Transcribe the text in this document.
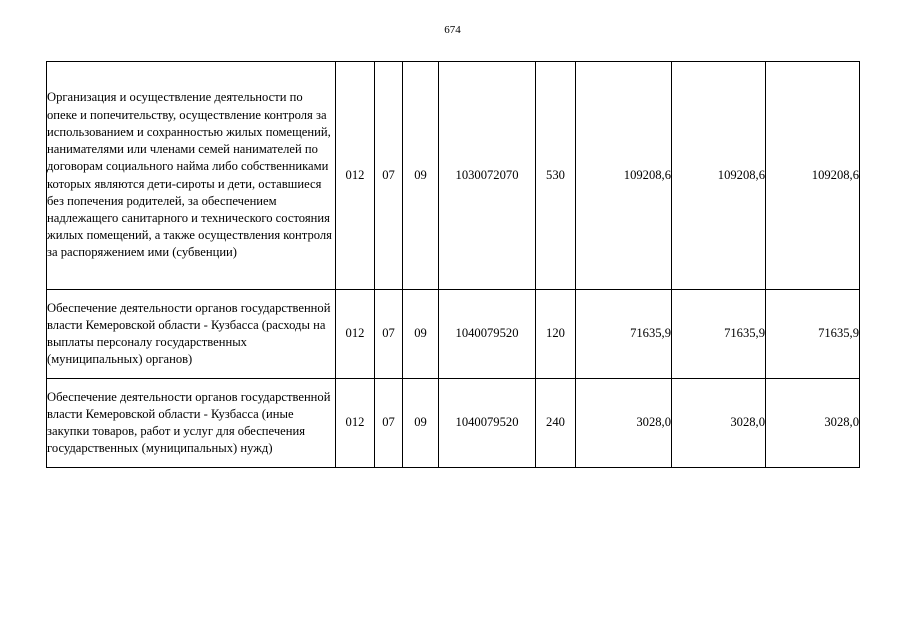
674
Организация и осуществление деятельности по опеке и попечительству, осуществление контроля за использованием и сохранностью жилых помещений, нанимателями или членами семей нанимателей по договорам социального найма либо собственниками которых являются дети-сироты и дети, оставшиеся без попечения родителей, за обеспечением надлежащего санитарного и технического состояния жилых помещений, а также осуществления контроля за распоряжением ими (субвенции)	012	07	09	1030072070	530	109208,6	109208,6	109208,6
Обеспечение деятельности органов государственной власти Кемеровской области - Кузбасса (расходы на выплаты персоналу государственных (муниципальных) органов)	012	07	09	1040079520	120	71635,9	71635,9	71635,9
Обеспечение деятельности органов государственной власти Кемеровской области - Кузбасса (иные закупки товаров, работ и услуг для обеспечения государственных (муниципальных) нужд)	012	07	09	1040079520	240	3028,0	3028,0	3028,0
